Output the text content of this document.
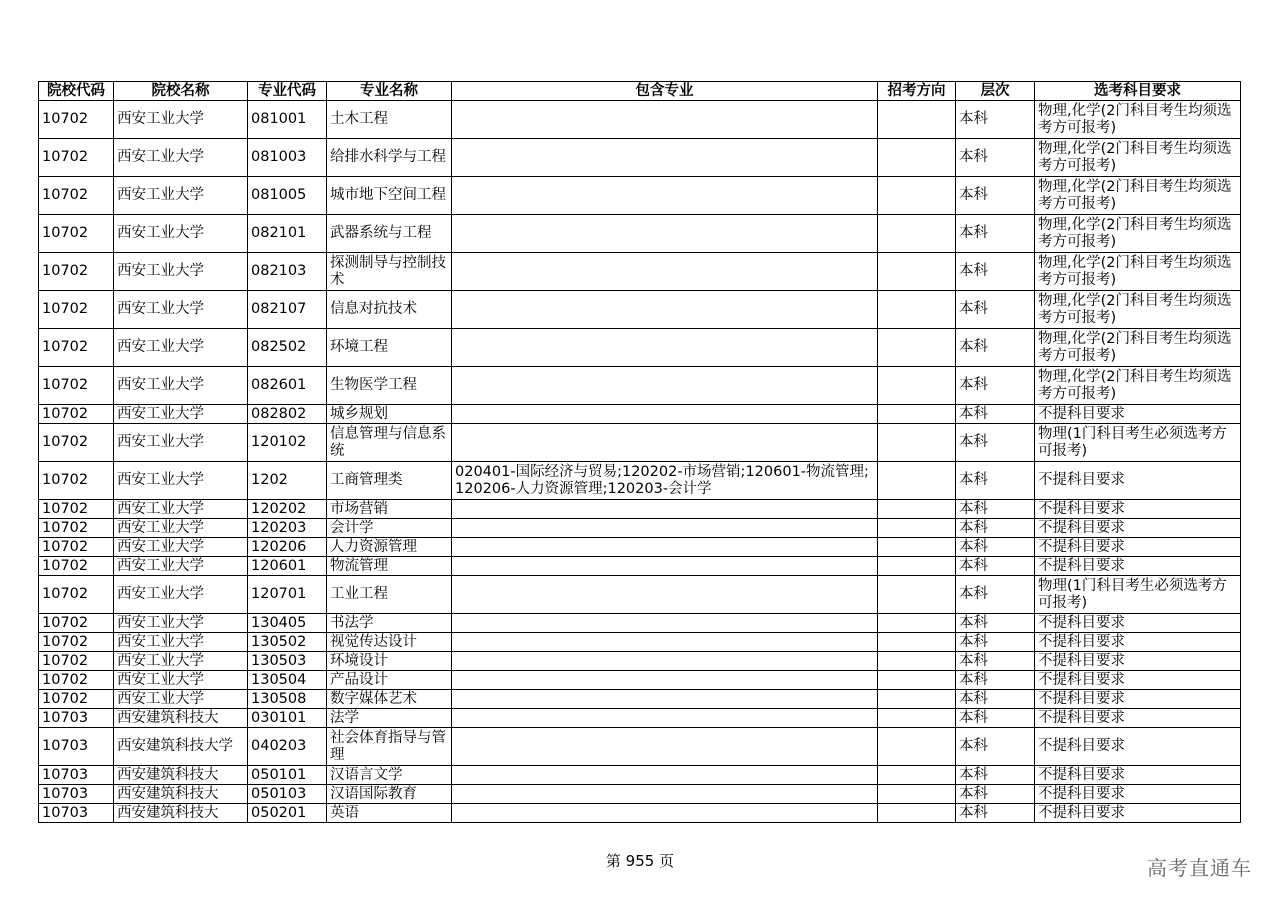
院校代码	院校名称	专业代码	专业名称	包含专业	招考方向	层次	选考科目要求
10702	西安工业大学	081001	土木工程			本科	物理,化学(2门科目考生均须选考方可报考)
10702	西安工业大学	081003	给排水科学与工程			本科	物理,化学(2门科目考生均须选考方可报考)
10702	西安工业大学	081005	城市地下空间工程			本科	物理,化学(2门科目考生均须选考方可报考)
10702	西安工业大学	082101	武器系统与工程			本科	物理,化学(2门科目考生均须选考方可报考)
10702	西安工业大学	082103	探测制导与控制技术			本科	物理,化学(2门科目考生均须选考方可报考)
10702	西安工业大学	082107	信息对抗技术			本科	物理,化学(2门科目考生均须选考方可报考)
10702	西安工业大学	082502	环境工程			本科	物理,化学(2门科目考生均须选考方可报考)
10702	西安工业大学	082601	生物医学工程			本科	物理,化学(2门科目考生均须选考方可报考)
10702	西安工业大学	082802	城乡规划			本科	不提科目要求
10702	西安工业大学	120102	信息管理与信息系统			本科	物理(1门科目考生必须选考方可报考)
10702	西安工业大学	1202	工商管理类	020401-国际经济与贸易;120202-市场营销;120601-物流管理;120206-人力资源管理;120203-会计学		本科	不提科目要求
10702	西安工业大学	120202	市场营销			本科	不提科目要求
10702	西安工业大学	120203	会计学			本科	不提科目要求
10702	西安工业大学	120206	人力资源管理			本科	不提科目要求
10702	西安工业大学	120601	物流管理			本科	不提科目要求
10702	西安工业大学	120701	工业工程			本科	物理(1门科目考生必须选考方可报考)
10702	西安工业大学	130405	书法学			本科	不提科目要求
10702	西安工业大学	130502	视觉传达设计			本科	不提科目要求
10702	西安工业大学	130503	环境设计			本科	不提科目要求
10702	西安工业大学	130504	产品设计			本科	不提科目要求
10702	西安工业大学	130508	数字媒体艺术			本科	不提科目要求
10703	西安建筑科技大	030101	法学			本科	不提科目要求
10703	西安建筑科技大学	040203	社会体育指导与管理			本科	不提科目要求
10703	西安建筑科技大	050101	汉语言文学			本科	不提科目要求
10703	西安建筑科技大	050103	汉语国际教育			本科	不提科目要求
10703	西安建筑科技大	050201	英语			本科	不提科目要求
第 955 页	高考直通车
